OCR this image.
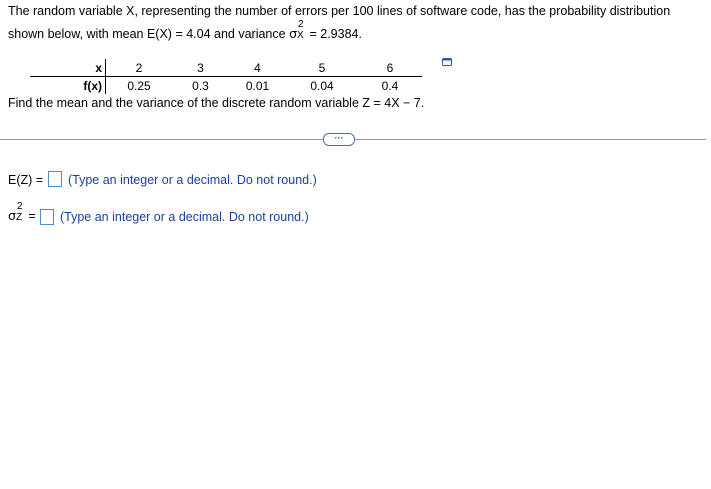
The random variable X, representing the number of errors per 100 lines of software code, has the probability distribution
shown below, with mean E(X) = 4.04 and variance σ
2
X = 2.9384.
x	2	3	4	5	6
f(x)	0.25	0.3	0.01	0.04	0.4
Find the mean and the variance of the discrete random variable Z = 4X − 7.
···
E(Z) = (Type an integer or a decimal. Do not round.)
σ
2
Z = (Type an integer or a decimal. Do not round.)
